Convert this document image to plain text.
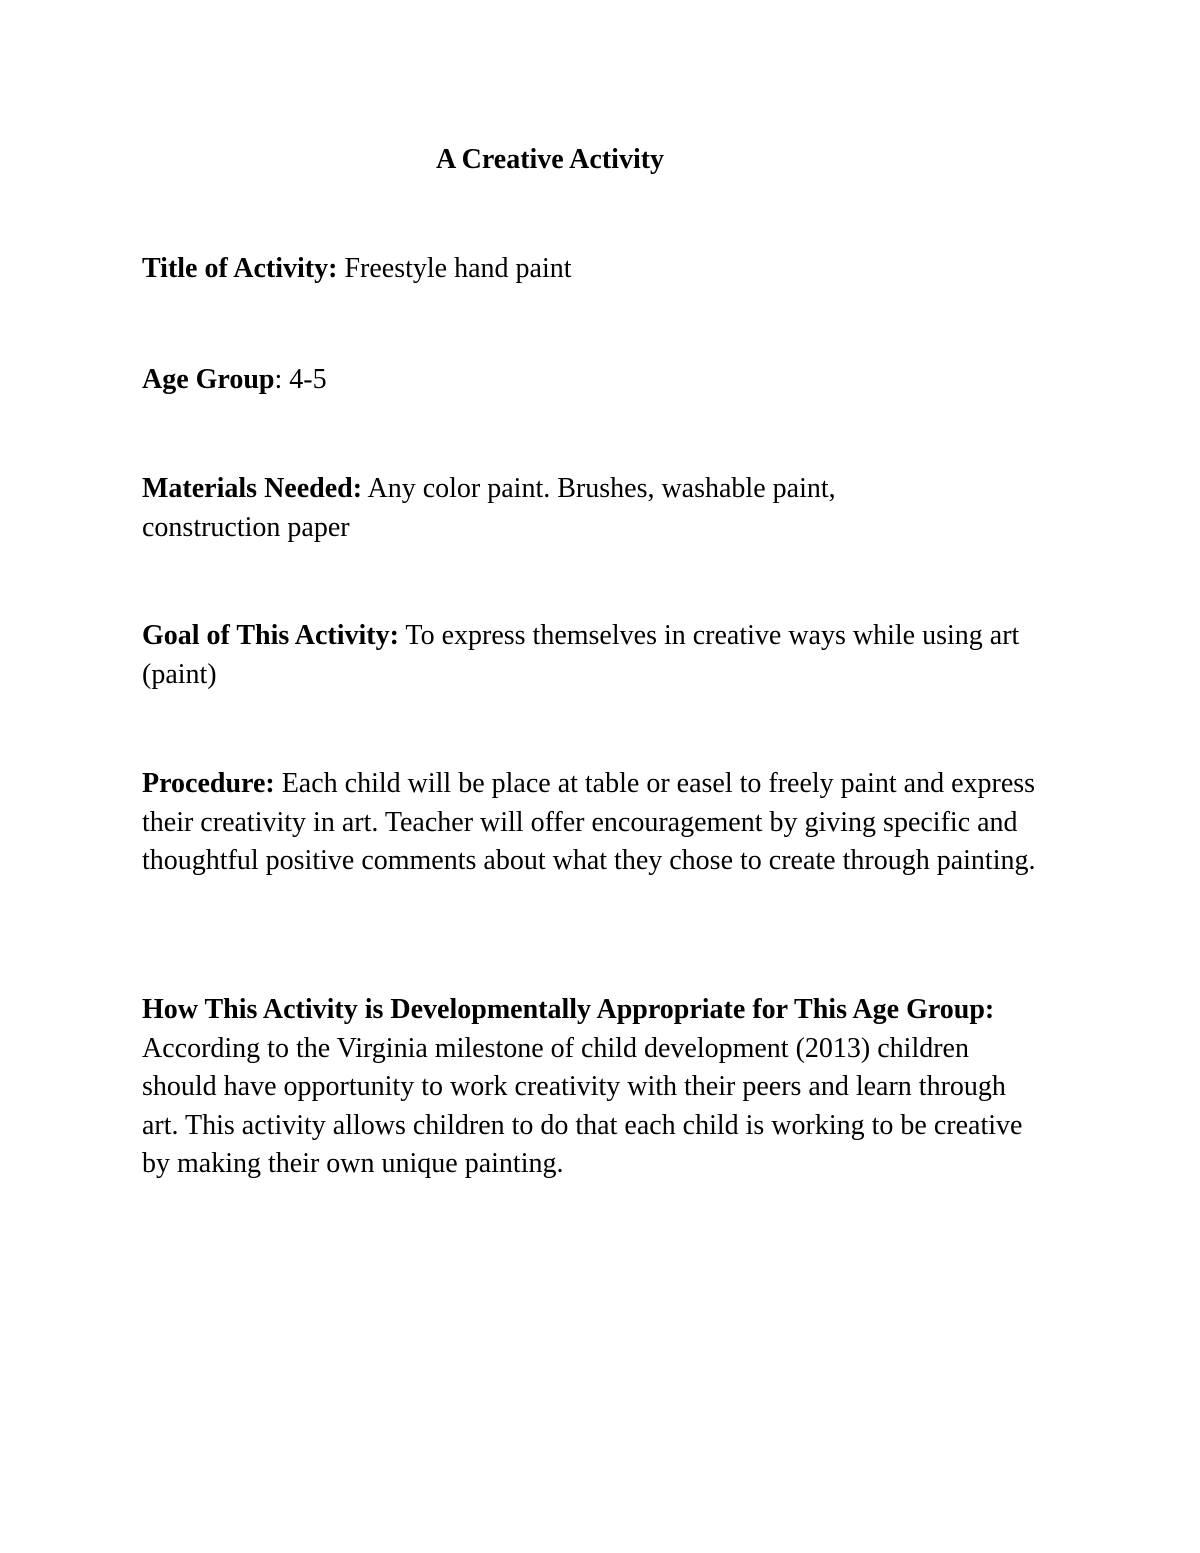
A Creative Activity

Title of Activity: Freestyle hand paint

Age Group: 4-5

Materials Needed: Any color paint. Brushes, washable paint, construction paper

Goal of This Activity: To express themselves in creative ways while using art (paint)

Procedure: Each child will be place at table or easel to freely paint and express their creativity in art. Teacher will offer encouragement by giving specific and thoughtful positive comments about what they chose to create through painting.

How This Activity is Developmentally Appropriate for This Age Group: According to the Virginia milestone of child development (2013) children should have opportunity to work creativity with their peers and learn through art. This activity allows children to do that each child is working to be creative by making their own unique painting.
